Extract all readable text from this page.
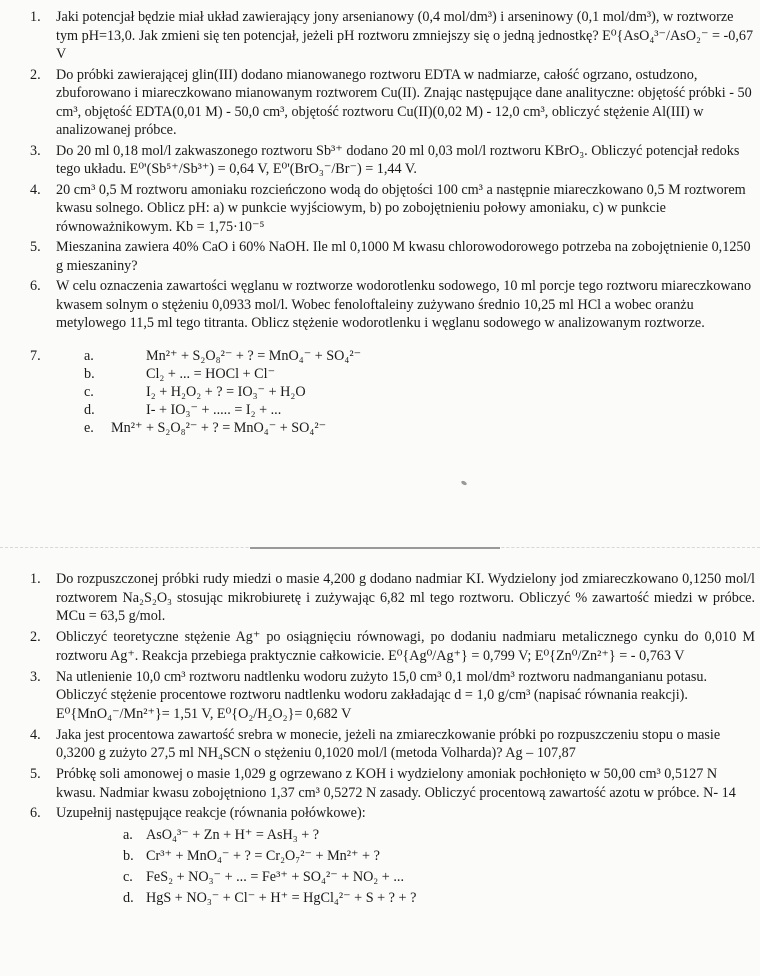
1. Jaki potencjał będzie miał układ zawierający jony arsenianowy (0,4 mol/dm³) i arseninowy (0,1 mol/dm³), w roztworze tym pH=13,0. Jak zmieni się ten potencjał, jeżeli pH roztworu zmniejszy się o jedną jednostkę? E⁰{AsO₄³⁻/AsO₂⁻ = -0,67 V
2. Do próbki zawierającej glin(III) dodano mianowanego roztworu EDTA w nadmiarze, całość ogrzano, ostudzono, zbuforowano i miareczkowano mianowanym roztworem Cu(II). Znając następujące dane analityczne: objętość próbki - 50 cm³, objętość EDTA(0,01 M) - 50,0 cm³, objętość roztworu Cu(II)(0,02 M) - 12,0 cm³, obliczyć stężenie Al(III) w analizowanej próbce.
3. Do 20 ml 0,18 mol/l zakwaszonego roztworu Sb³⁺ dodano 20 ml 0,03 mol/l roztworu KBrO₃. Obliczyć potencjał redoks tego układu. E⁰'(Sb⁵⁺/Sb³⁺) = 0,64 V, E⁰'(BrO₃⁻/Br⁻) = 1,44 V.
4. 20 cm³ 0,5 M roztworu amoniaku rozcieńczono wodą do objętości 100 cm³ a następnie miareczkowano 0,5 M roztworem kwasu solnego. Oblicz pH: a) w punkcie wyjściowym, b) po zobojętnieniu połowy amoniaku, c) w punkcie równoważnikowym. Kb = 1,75·10⁻⁵
5. Mieszanina zawiera 40% CaO i 60% NaOH. Ile ml 0,1000 M kwasu chlorowodorowego potrzeba na zobojętnienie 0,1250 g mieszaniny?
6. W celu oznaczenia zawartości węglanu w roztworze wodorotlenku sodowego, 10 ml porcje tego roztworu miareczkowano kwasem solnym o stężeniu 0,0933 mol/l. Wobec fenoloftaleiny zużywano średnio 10,25 ml HCl a wobec oranżu metylowego 11,5 ml tego titranta. Oblicz stężenie wodorotlenku i węglanu sodowego w analizowanym roztworze.
7.	a.	Mn²⁺ + S₂O₈²⁻ + ? = MnO₄⁻ + SO₄²⁻
b.	Cl₂ + ... = HOCl + Cl⁻
c.	I₂ + H₂O₂ + ? = IO₃⁻ + H₂O
d.	I- + IO₃⁻ + ..... = I₂ + ...
e. Mn²⁺ + S₂O₈²⁻ + ? = MnO₄⁻ + SO₄²⁻
1. Do rozpuszczonej próbki rudy miedzi o masie 4,200 g dodano nadmiar KI. Wydzielony jod zmiareczkowano 0,1250 mol/l roztworem Na₂S₂O₃ stosując mikrobiuretę i zużywając 6,82 ml tego roztworu. Obliczyć % zawartość miedzi w próbce. MCu = 63,5 g/mol.
2. Obliczyć teoretyczne stężenie Ag⁺ po osiągnięciu równowagi, po dodaniu nadmiaru metalicznego cynku do 0,010 M roztworu Ag⁺. Reakcja przebiega praktycznie całkowicie. E⁰{Ag⁰/Ag⁺} = 0,799 V; E⁰{Zn⁰/Zn²⁺} = - 0,763 V
3. Na utlenienie 10,0 cm³ roztworu nadtlenku wodoru zużyto 15,0 cm³ 0,1 mol/dm³ roztworu nadmanganianu potasu. Obliczyć stężenie procentowe roztworu nadtlenku wodoru zakładając d = 1,0 g/cm³ (napisać równania reakcji). E⁰{MnO₄⁻/Mn²⁺}= 1,51 V, E⁰{O₂/H₂O₂}= 0,682 V
4. Jaka jest procentowa zawartość srebra w monecie, jeżeli na zmiareczkowanie próbki po rozpuszczeniu stopu o masie 0,3200 g zużyto 27,5 ml NH₄SCN o stężeniu 0,1020 mol/l (metoda Volharda)? Ag – 107,87
5. Próbkę soli amonowej o masie 1,029 g ogrzewano z KOH i wydzielony amoniak pochłonięto w 50,00 cm³ 0,5127 N kwasu. Nadmiar kwasu zobojętniono 1,37 cm³ 0,5272 N zasady. Obliczyć procentową zawartość azotu w próbce. N- 14
6. Uzupełnij następujące reakcje (równania połówkowe):
a. AsO₄³⁻ + Zn + H⁺ = AsH₃ + ?
b. Cr³⁺ + MnO₄⁻ + ? = Cr₂O₇²⁻ + Mn²⁺ + ?
c. FeS₂ + NO₃⁻ + ... = Fe³⁺ + SO₄²⁻ + NO₂ + ...
d. HgS + NO₃⁻ + Cl⁻ + H⁺ = HgCl₄²⁻ + S + ? + ?
